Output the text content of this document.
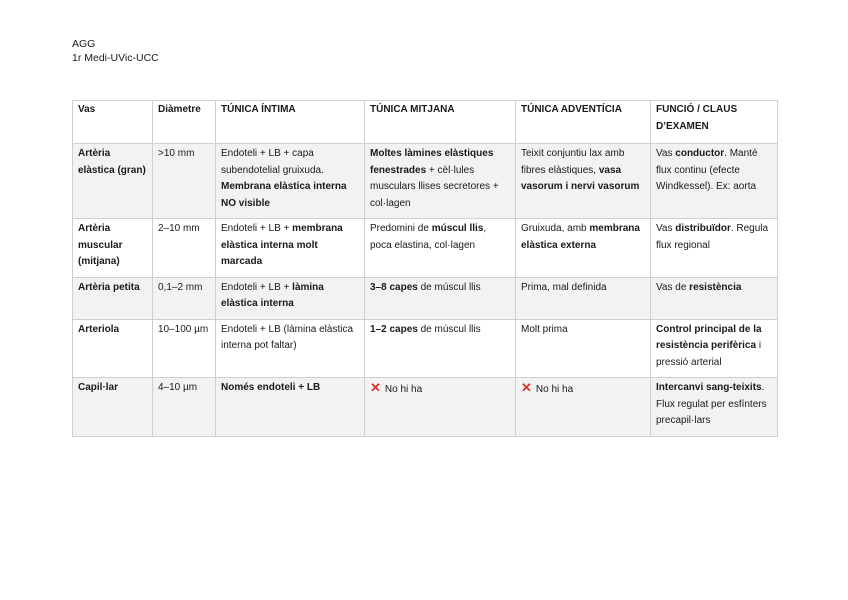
AGG
1r Medi-UVic-UCC
Vas	Diàmetre	TÚNICA ÍNTIMA	TÚNICA MITJANA	TÚNICA ADVENTÍCIA	FUNCIÓ / CLAUS D’EXAMEN
Artèria elàstica (gran)	>10 mm	Endoteli + LB + capa subendotelial gruixuda. Membrana elàstica interna NO visible	Moltes làmines elàstiques fenestrades + cèl·lules musculars llises secretores + col·lagen	Teixit conjuntiu lax amb fibres elàstiques, vasa vasorum i nervi vasorum	Vas conductor. Manté flux continu (efecte Windkessel). Ex: aorta
Artèria muscular (mitjana)	2–10 mm	Endoteli + LB + membrana elàstica interna molt marcada	Predomini de múscul llis, poca elastina, col·lagen	Gruixuda, amb membrana elàstica externa	Vas distribuïdor. Regula flux regional
Artèria petita	0,1–2 mm	Endoteli + LB + làmina elàstica interna	3–8 capes de múscul llis	Prima, mal definida	Vas de resistència
Arteriola	10–100 µm	Endoteli + LB (làmina elàstica interna pot faltar)	1–2 capes de múscul llis	Molt prima	Control principal de la resistència perifèrica i pressió arterial
Capil·lar	4–10 µm	Només endoteli + LB	✕ No hi ha	✕ No hi ha	Intercanvi sang-teixits. Flux regulat per esfínters precapil·lars
